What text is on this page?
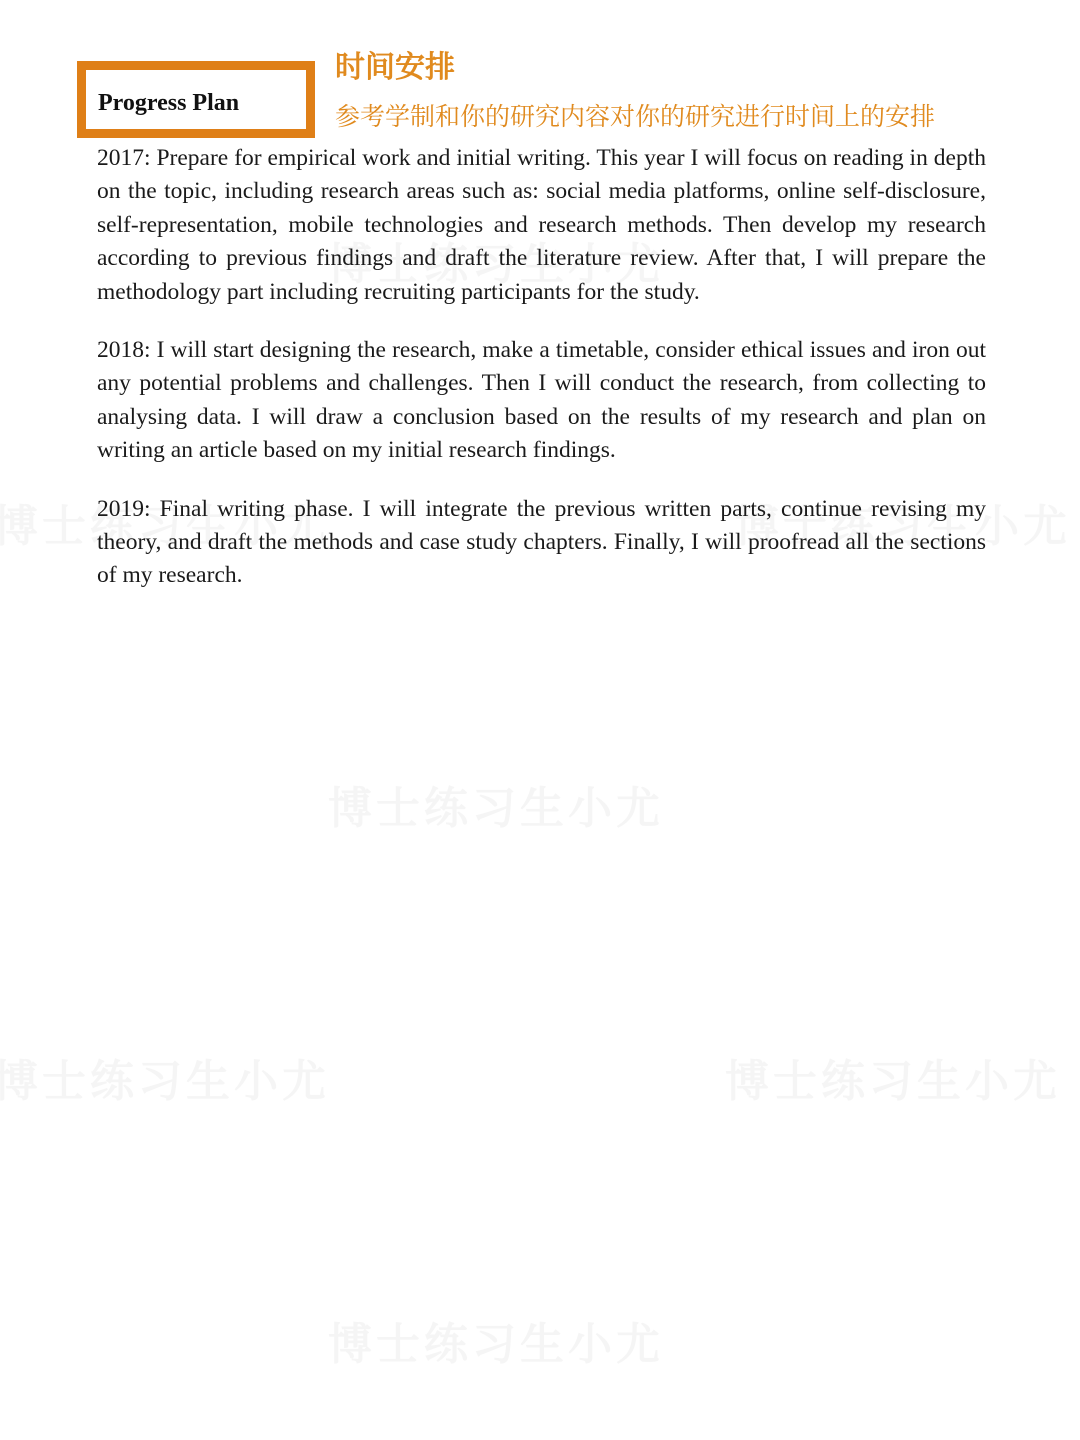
Progress Plan
时间安排
参考学制和你的研究内容对你的研究进行时间上的安排

2017: Prepare for empirical work and initial writing. This year I will focus on reading in depth on the topic, including research areas such as: social media platforms, online self-disclosure, self-representation, mobile technologies and research methods. Then develop my research according to previous findings and draft the literature review. After that, I will prepare the methodology part including recruiting participants for the study.

2018: I will start designing the research, make a timetable, consider ethical issues and iron out any potential problems and challenges. Then I will conduct the research, from collecting to analysing data. I will draw a conclusion based on the results of my research and plan on writing an article based on my initial research findings.

2019: Final writing phase. I will integrate the previous written parts, continue revising my theory, and draft the methods and case study chapters. Finally, I will proofread all the sections of my research.
